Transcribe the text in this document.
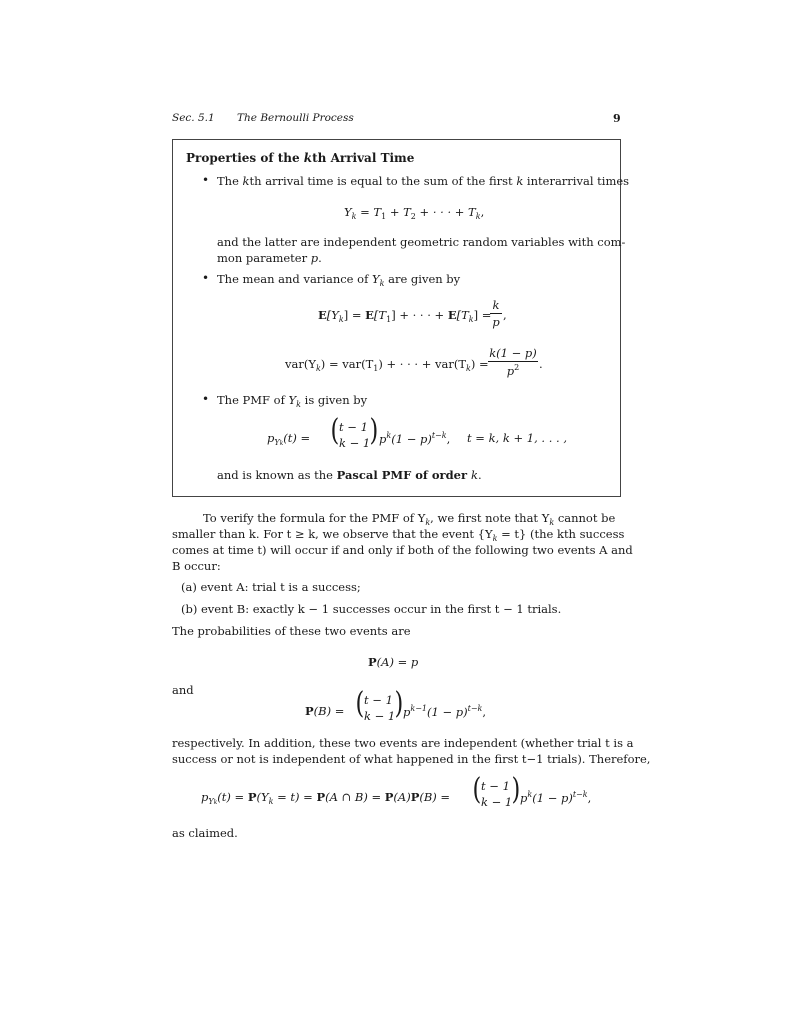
Sec. 5.1 The Bernoulli Process	9
Properties of the kth Arrival Time
• The kth arrival time is equal to the sum of the first k interarrival times
$Y_k = T_1 + T_2$ + · · · + $T_k$,
and the latter are independent geometric random variables with com-
mon parameter p.
• The mean and variance of $Y_k$ are given by
$E[Y_k] = E[T_1]$ + · · · + $E[T_k]$ =
k
p ,
$var(Y_k) = var(T_1)$ + · · · + $var(T_k)$ =
k(1 − p)
$p^2$	.
• The PMF of $Y_k$ is given by
$p_{Yk}(t)$ = ( t − 1
k − 1 ) $p^k(1 - p)^{t-k}$, t = k, k + 1, . . . ,
and is known as the Pascal PMF of order k.
To verify the formula for the PMF of $Y_k$, we first note that $Y_k$ cannot be
smaller than k. For t ≥ k, we observe that the event $\{Y_k = t\}$ (the kth success
comes at time t) will occur if and only if both of the following two events A and
B occur:
(a) event A: trial t is a success;
(b) event B: exactly k − 1 successes occur in the first t − 1 trials.
The probabilities of these two events are
P(A) = p
and
P(B) = ( t − 1
k − 1 ) $p^{k-1}(1 - p)^{t-k}$,
respectively. In addition, these two events are independent (whether trial t is a
success or not is independent of what happened in the first t−1 trials). Therefore,
$p_{Yk}(t) = P(Y_k = t) = P(A$ ∩ B) = P(A)P(B) = ( t − 1
k − 1 ) $p^k(1 - p)^{t-k}$,
as claimed.
